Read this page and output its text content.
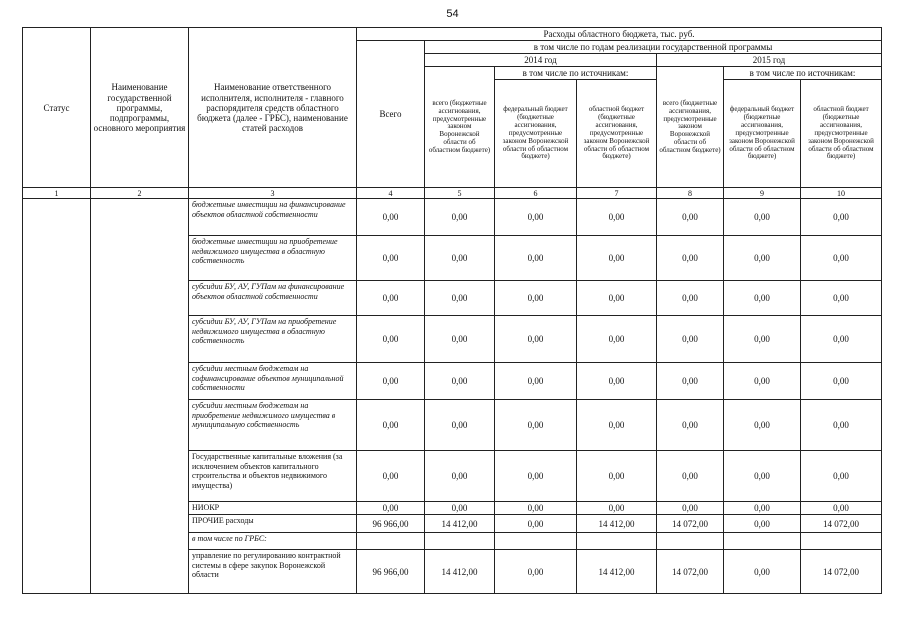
54
Статус	Наименование государственной программы, подпрограммы, основного мероприятия	Наименование ответственного исполнителя, исполнителя - главного распорядителя средств областного бюджета (далее - ГРБС), наименование статей расходов	Расходы областного бюджета, тыс. руб.						
			Всего	в том числе по годам реализации государственной программы					
				2014 год			2015 год		
				всего (бюджетные ассигнования, предусмотренные законом Воронежской области об областном бюджете)	в том числе по источникам:		всего (бюджетные ассигнования, предусмотренные законом Воронежской области об областном бюджете)	в том числе по источникам:	
					федеральный бюджет (бюджетные ассигнования, предусмотренные законом Воронежской области об областном бюджете)	областной бюджет (бюджетные ассигнования, предусмотренные законом Воронежской области об областном бюджете)		федеральный бюджет (бюджетные ассигнования, предусмотренные законом Воронежской области об областном бюджете)	областной бюджет (бюджетные ассигнования, предусмотренные законом Воронежской области об областном бюджете)
1	2	3	4	5	6	7	8	9	10
		бюджетные инвестиции на финансирование объектов областной собственности	0,00	0,00	0,00	0,00	0,00	0,00	0,00
		бюджетные инвестиции на приобретение недвижимого имущества в областную собственность	0,00	0,00	0,00	0,00	0,00	0,00	0,00
		субсидии БУ, АУ, ГУПам на финансирование объектов областной собственности	0,00	0,00	0,00	0,00	0,00	0,00	0,00
		субсидии БУ, АУ, ГУПам на приобретение недвижимого имущества в областную собственность	0,00	0,00	0,00	0,00	0,00	0,00	0,00
		субсидии местным бюджетам на софинансирование объектов муниципальной собственности	0,00	0,00	0,00	0,00	0,00	0,00	0,00
		субсидии местным бюджетам на приобретение недвижимого имущества в муниципальную собственность	0,00	0,00	0,00	0,00	0,00	0,00	0,00
		Государственные капитальные вложения (за исключением объектов капитального строительства и объектов недвижимого имущества)	0,00	0,00	0,00	0,00	0,00	0,00	0,00
		НИОКР	0,00	0,00	0,00	0,00	0,00	0,00	0,00
		ПРОЧИЕ расходы	96 966,00	14 412,00	0,00	14 412,00	14 072,00	0,00	14 072,00
		в том числе по ГРБС:							
		управление по регулированию контрактной системы в сфере закупок Воронежской области	96 966,00	14 412,00	0,00	14 412,00	14 072,00	0,00	14 072,00
